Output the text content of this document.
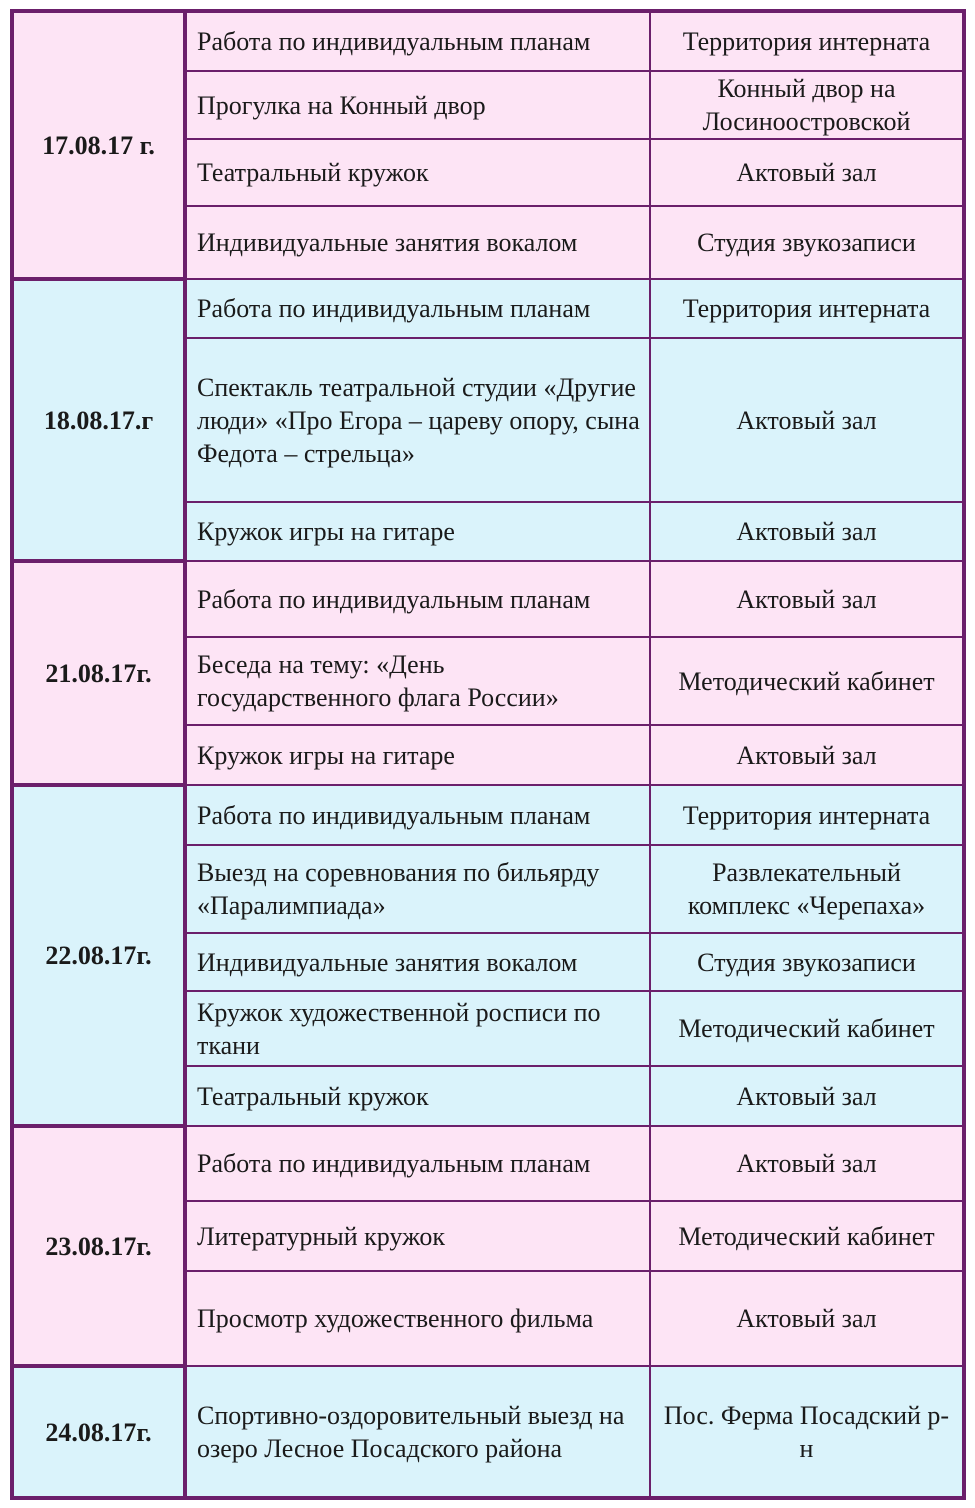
17.08.17 г.	Работа по индивидуальным планам	Территория интерната
	Прогулка на Конный двор	Конный двор на Лосиноостровской
	Театральный кружок	Актовый зал
	Индивидуальные занятия вокалом	Студия звукозаписи
18.08.17.г	Работа по индивидуальным планам	Территория интерната
	Спектакль театральной студии «Другие люди» «Про Егора – цареву опору, сына Федота – стрельца»	Актовый зал
	Кружок игры на гитаре	Актовый зал
21.08.17г.	Работа по индивидуальным планам	Актовый зал
	Беседа на тему: «День государственного флага России»	Методический кабинет
	Кружок игры на гитаре	Актовый зал
22.08.17г.	Работа по индивидуальным планам	Территория интерната
	Выезд на соревнования по бильярду «Паралимпиада»	Развлекательный комплекс «Черепаха»
	Индивидуальные занятия вокалом	Студия звукозаписи
	Кружок художественной росписи по ткани	Методический кабинет
	Театральный кружок	Актовый зал
23.08.17г.	Работа по индивидуальным планам	Актовый зал
	Литературный кружок	Методический кабинет
	Просмотр художественного фильма	Актовый зал
24.08.17г.	Спортивно-оздоровительный выезд на озеро Лесное Посадского района	Пос. Ферма Посадский р-н
